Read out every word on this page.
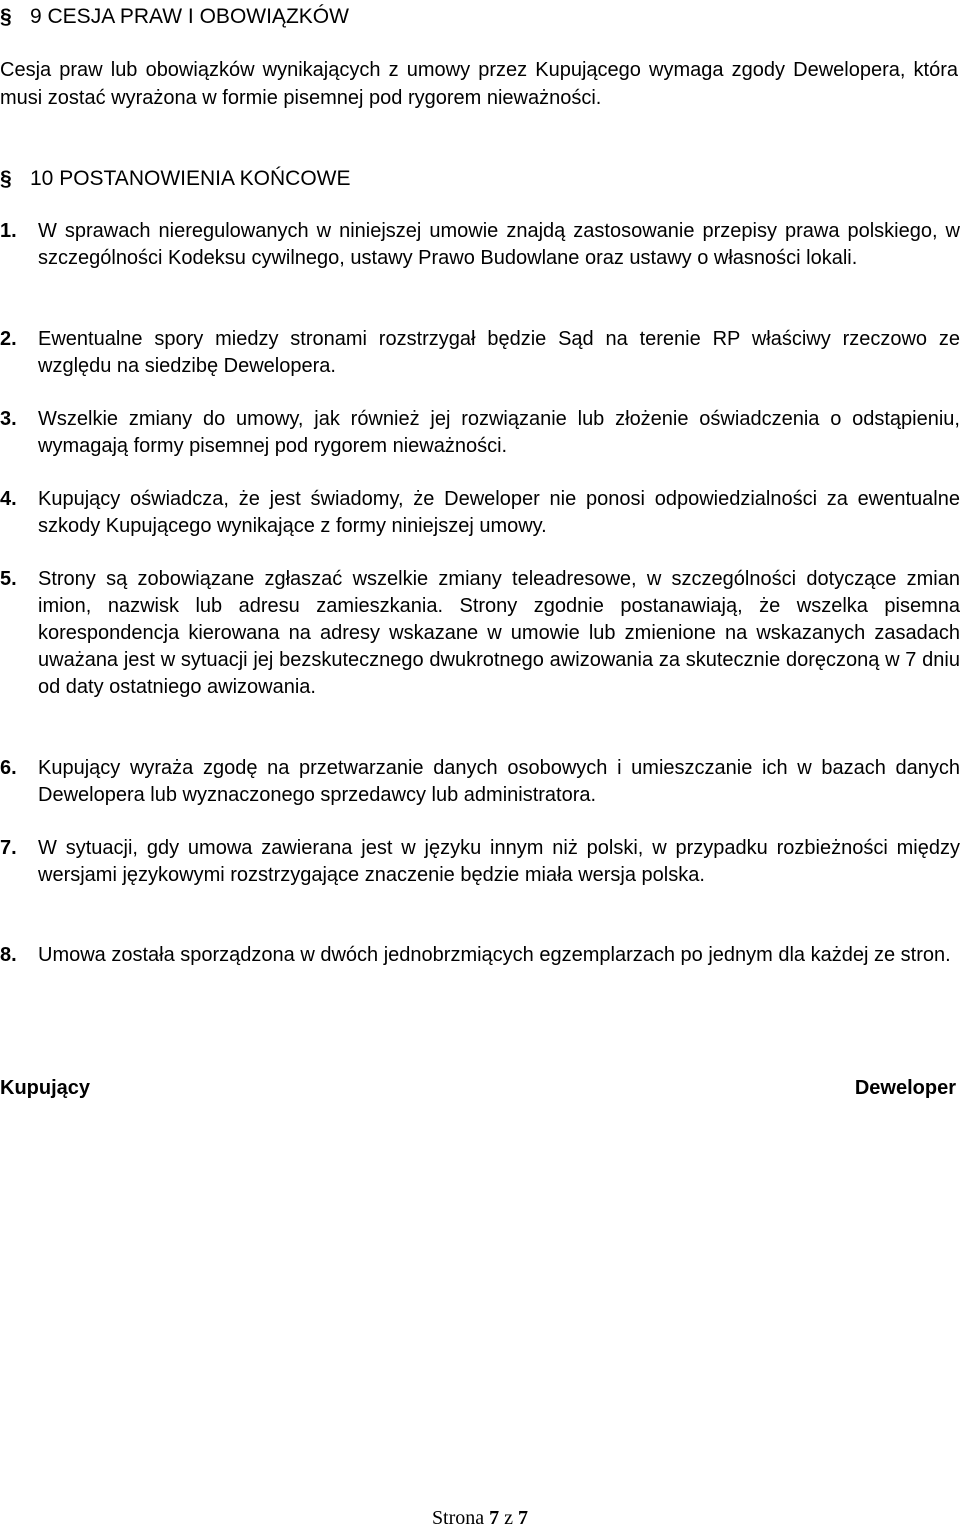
§ 9 CESJA PRAW I OBOWIĄZKÓW
Cesja praw lub obowiązków wynikających z umowy przez Kupującego wymaga zgody Dewelopera, która musi zostać wyrażona w formie pisemnej pod rygorem nieważności.
§ 10 POSTANOWIENIA KOŃCOWE
1.	W sprawach nieregulowanych w niniejszej umowie znajdą zastosowanie przepisy prawa polskiego, w szczególności Kodeksu cywilnego, ustawy Prawo Budowlane oraz ustawy o własności lokali.
2.	Ewentualne spory miedzy stronami rozstrzygał będzie Sąd na terenie RP właściwy rzeczowo ze względu na siedzibę Dewelopera.
3.	Wszelkie zmiany do umowy, jak również jej rozwiązanie lub złożenie oświadczenia o odstąpieniu, wymagają formy pisemnej pod rygorem nieważności.
4.	Kupujący oświadcza, że jest świadomy, że Deweloper nie ponosi odpowiedzialności za ewentualne szkody Kupującego wynikające z formy niniejszej umowy.
5.	Strony są zobowiązane zgłaszać wszelkie zmiany teleadresowe, w szczególności dotyczące zmian imion, nazwisk lub adresu zamieszkania. Strony zgodnie postanawiają, że wszelka pisemna korespondencja kierowana na adresy wskazane w umowie lub zmienione na wskazanych zasadach uważana jest w sytuacji jej bezskutecznego dwukrotnego awizowania za skutecznie doręczoną w 7 dniu od daty ostatniego awizowania.
6.	Kupujący wyraża zgodę na przetwarzanie danych osobowych i umieszczanie ich w bazach danych Dewelopera lub wyznaczonego sprzedawcy lub administratora.
7.	W sytuacji, gdy umowa zawierana jest w języku innym niż polski, w przypadku rozbieżności między wersjami językowymi rozstrzygające znaczenie będzie miała wersja polska.
8.	Umowa została sporządzona w dwóch jednobrzmiących egzemplarzach po jednym dla każdej ze stron.
Kupujący	Deweloper
Strona 7 z 7
